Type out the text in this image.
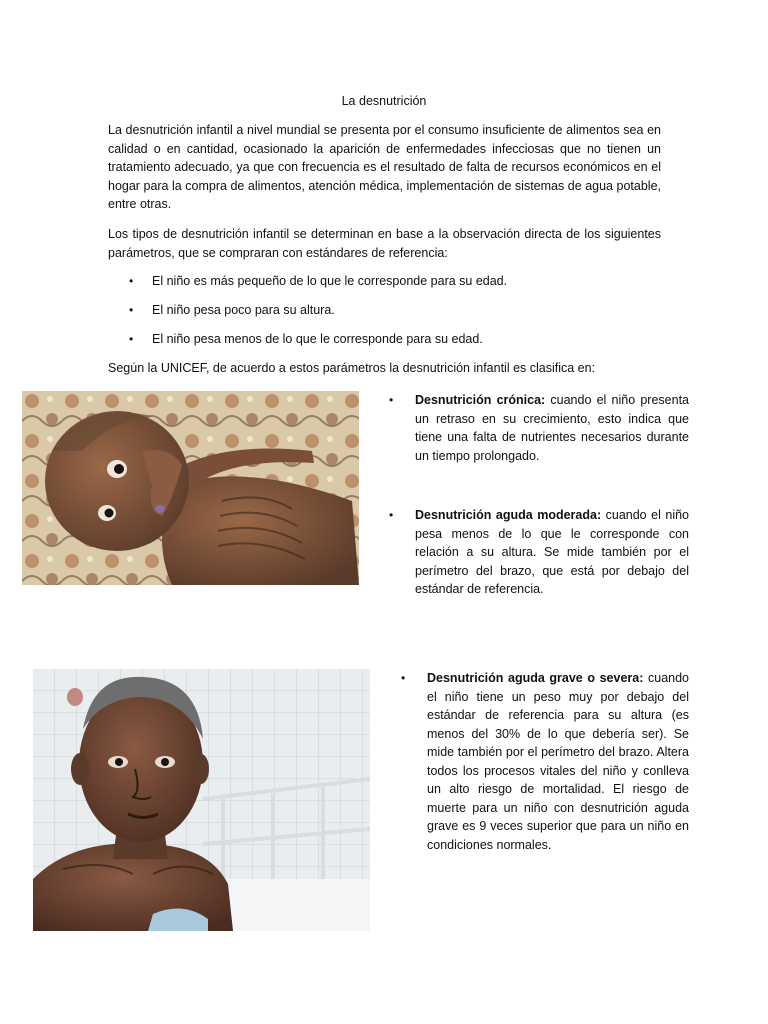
La desnutrición

La desnutrición infantil a nivel mundial se presenta por el consumo insuficiente de alimentos sea en calidad o en cantidad, ocasionado la aparición de enfermedades infecciosas que no tienen un tratamiento adecuado, ya que con frecuencia es el resultado de falta de recursos económicos en el hogar para la compra de alimentos, atención médica, implementación de sistemas de agua potable, entre otras.

Los tipos de desnutrición infantil se determinan en base a la observación directa de los siguientes parámetros, que se compraran con estándares de referencia:

• El niño es más pequeño de lo que le corresponde para su edad.
• El niño pesa poco para su altura.
• El niño pesa menos de lo que le corresponde para su edad.

Según la UNICEF, de acuerdo a estos parámetros la desnutrición infantil es clasifica en:

• Desnutrición crónica: cuando el niño presenta un retraso en su crecimiento, esto indica que tiene una falta de nutrientes necesarios durante un tiempo prolongado.
• Desnutrición aguda moderada: cuando el niño pesa menos de lo que le corresponde con relación a su altura. Se mide también por el perímetro del brazo, que está por debajo del estándar de referencia.
• Desnutrición aguda grave o severa: cuando el niño tiene un peso muy por debajo del estándar de referencia para su altura (es menos del 30% de lo que debería ser). Se mide también por el perímetro del brazo. Altera todos los procesos vitales del niño y conlleva un alto riesgo de mortalidad. El riesgo de muerte para un niño con desnutrición aguda grave es 9 veces superior que para un niño en condiciones normales.
